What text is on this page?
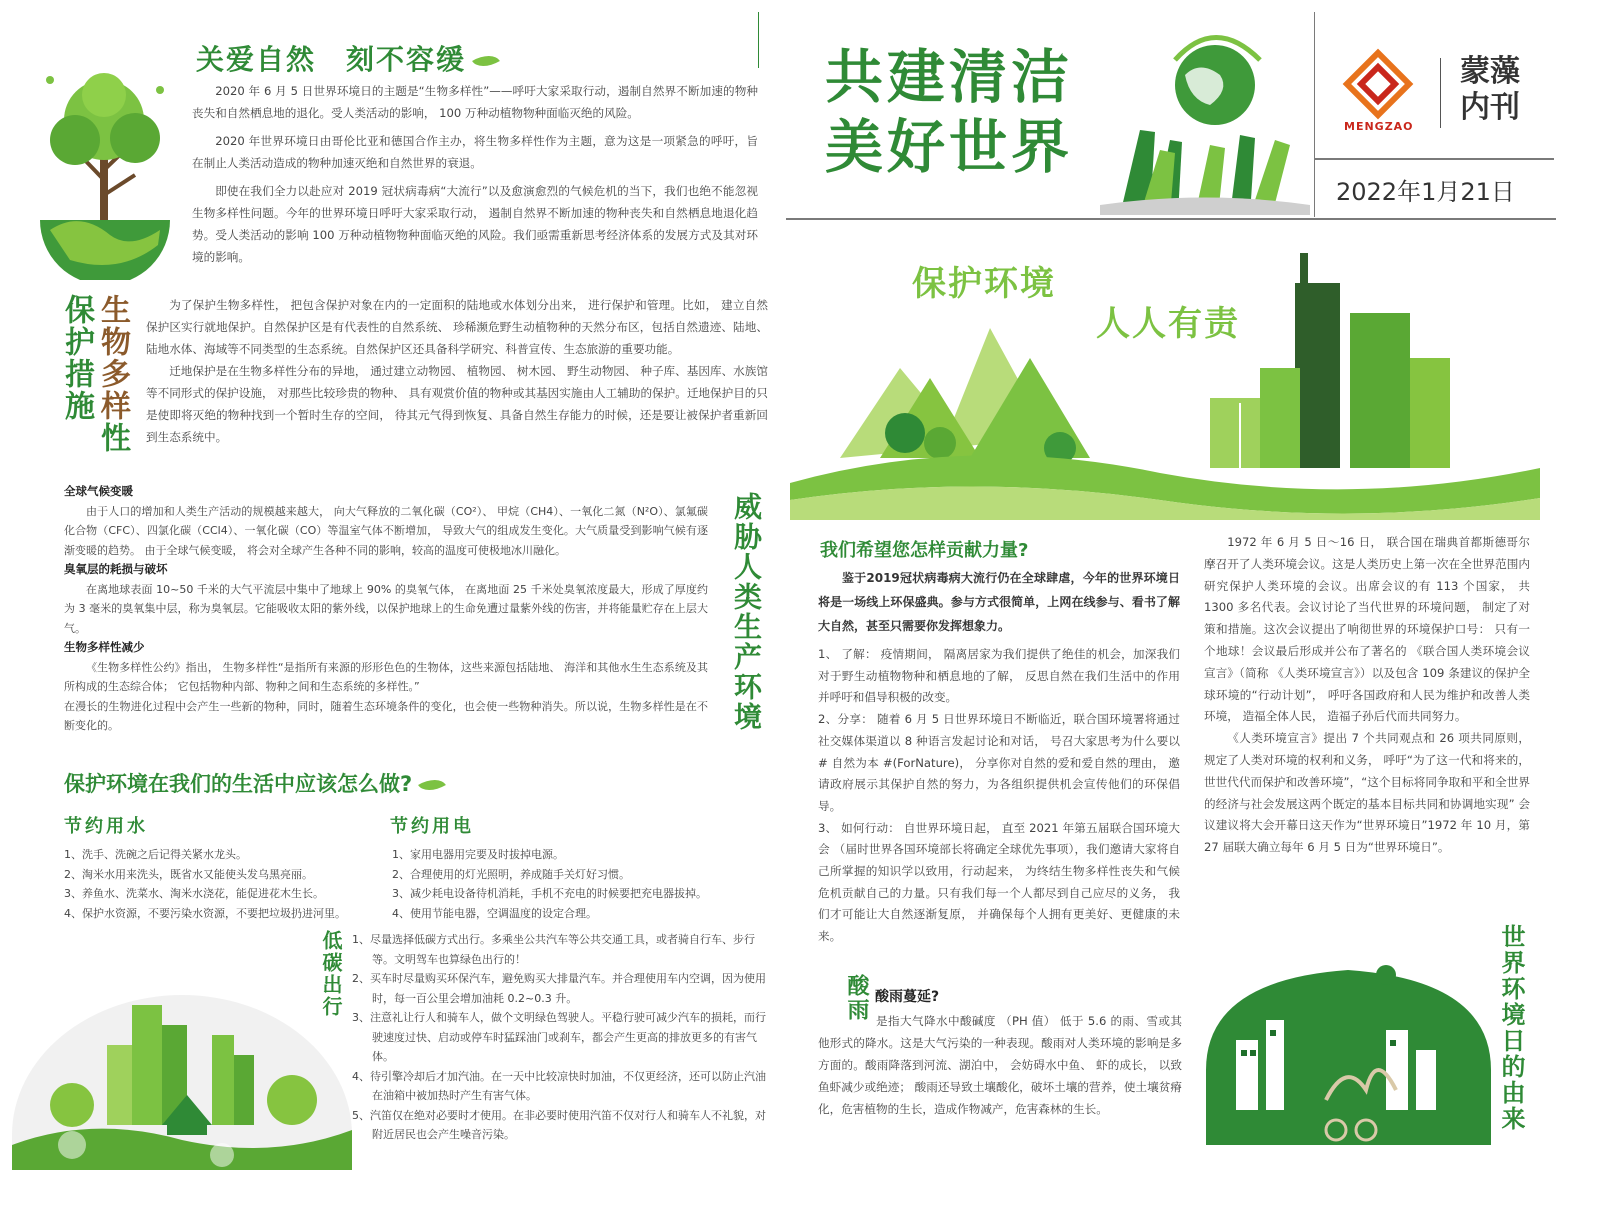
关爱自然　刻不容缓

2020 年 6 月 5 日世界环境日的主题是“生物多样性”——呼吁大家采取行动，遏制自然界不断加速的物种丧失和自然栖息地的退化。受人类活动的影响， 100 万种动植物物种面临灭绝的风险。

2020 年世界环境日由哥伦比亚和德国合作主办，将生物多样性作为主题，意为这是一项紧急的呼吁，旨在制止人类活动造成的物种加速灭绝和自然世界的衰退。

即使在我们全力以赴应对 2019 冠状病毒病“大流行”以及愈演愈烈的气候危机的当下，我们也绝不能忽视生物多样性问题。今年的世界环境日呼吁大家采取行动， 遏制自然界不断加速的物种丧失和自然栖息地退化趋势。受人类活动的影响 100 万种动植物物种面临灭绝的风险。我们亟需重新思考经济体系的发展方式及其对环境的影响。

生物多样性保护措施	为了保护生物多样性， 把包含保护对象在内的一定面积的陆地或水体划分出来， 进行保护和管理。比如， 建立自然保护区实行就地保护。自然保护区是有代表性的自然系统、 珍稀濒危野生动植物种的天然分布区，包括自然遗迹、陆地、陆地水体、海域等不同类型的生态系统。自然保护区还具备科学研究、科普宣传、生态旅游的重要功能。

迁地保护是在生物多样性分布的异地， 通过建立动物园、 植物园、 树木园、 野生动物园、 种子库、基因库、水族馆等不同形式的保护设施， 对那些比较珍贵的物种、 具有观赏价值的物种或其基因实施由人工辅助的保护。迁地保护目的只是使即将灭绝的物种找到一个暂时生存的空间， 待其元气得到恢复、具备自然生存能力的时候，还是要让被保护者重新回到生态系统中。

全球气候变暖

由于人口的增加和人类生产活动的规模越来越大， 向大气释放的二氧化碳（CO²）、 甲烷（CH4）、一氧化二氮（N²O）、氯氟碳化合物（CFC）、四氯化碳（CCl4）、一氧化碳（CO）等温室气体不断增加， 导致大气的组成发生变化。大气质量受到影响气候有逐渐变暖的趋势。 由于全球气候变暖， 将会对全球产生各种不同的影响，较高的温度可使极地冰川融化。

臭氧层的耗损与破坏

在离地球表面 10~50 千米的大气平流层中集中了地球上 90% 的臭氧气体， 在离地面 25 千米处臭氧浓度最大，形成了厚度约为 3 毫米的臭氧集中层，称为臭氧层。它能吸收太阳的紫外线，以保护地球上的生命免遭过量紫外线的伤害，并将能量贮存在上层大气。

生物多样性减少

《生物多样性公约》指出， 生物多样性“是指所有来源的形形色色的生物体，这些来源包括陆地、 海洋和其他水生生态系统及其所构成的生态综合体； 它包括物种内部、物种之间和生态系统的多样性。”

在漫长的生物进化过程中会产生一些新的物种，同时，随着生态环境条件的变化，也会使一些物种消失。所以说，生物多样性是在不断变化的。	威胁人类生产环境
保护环境在我们的生活中应该怎么做?
节约用水
1、洗手、洗碗之后记得关紧水龙头。
2、淘米水用来洗头，既省水又能使头发乌黑亮丽。
3、养鱼水、洗菜水、淘米水浇花，能促进花木生长。
4、保护水资源，不要污染水资源，不要把垃圾扔进河里。
节约用电
1、家用电器用完要及时拔掉电源。
2、合理使用的灯光照明，养成随手关灯好习惯。
3、减少耗电设备待机消耗，手机不充电的时候要把充电器拔掉。
4、使用节能电器，空调温度的设定合理。
低碳出行 1、尽量选择低碳方式出行。多乘坐公共汽车等公共交通工具，或者骑自行车、步行等。文明驾车也算绿色出行的！
2、买车时尽量购买环保汽车，避免购买大排量汽车。并合理使用车内空调，因为使用时，每一百公里会增加油耗 0.2~0.3 升。
3、注意礼让行人和骑车人，做个文明绿色驾驶人。平稳行驶可减少汽车的损耗，而行驶速度过快、启动或停车时猛踩油门或刹车，都会产生更高的排放更多的有害气体。
4、待引擎冷却后才加汽油。在一天中比较凉快时加油，不仅更经济，还可以防止汽油在油箱中被加热时产生有害气体。
5、汽笛仅在绝对必要时才使用。在非必要时使用汽笛不仅对行人和骑车人不礼貌，对附近居民也会产生噪音污染。
共建清洁
美好世界	MENGZAO
蒙藻
内刊
2022年1月21日
保护环境
人人有责
我们希望您怎样贡献力量?

鉴于2019冠状病毒病大流行仍在全球肆虐，今年的世界环境日将是一场线上环保盛典。参与方式很简单，上网在线参与、看书了解大自然，甚至只需要你发挥想象力。

1、 了解： 疫情期间， 隔离居家为我们提供了绝佳的机会，加深我们对于野生动植物物种和栖息地的了解， 反思自然在我们生活中的作用并呼吁和倡导积极的改变。

2、分享： 随着 6 月 5 日世界环境日不断临近，联合国环境署将通过社交媒体渠道以 8 种语言发起讨论和对话， 号召大家思考为什么要以 # 自然为本 #(ForNature)， 分享你对自然的爱和爱自然的理由， 邀请政府展示其保护自然的努力，为各组织提供机会宣传他们的环保倡导。

3、 如何行动： 自世界环境日起， 直至 2021 年第五届联合国环境大会 （届时世界各国环境部长将确定全球优先事项），我们邀请大家将自己所掌握的知识学以致用，行动起来， 为终结生物多样性丧失和气候危机贡献自己的力量。只有我们每一个人都尽到自己应尽的义务， 我们才可能让大自然逐渐复原， 并确保每个人拥有更美好、更健康的未来。

酸雨 酸雨蔓延?
是指大气降水中酸碱度 （PH 值） 低于 5.6 的雨、雪或其他形式的降水。这是大气污染的一种表现。酸雨对人类环境的影响是多方面的。酸雨降落到河流、湖泊中， 会妨碍水中鱼、 虾的成长， 以致鱼虾减少或绝迹； 酸雨还导致土壤酸化，破坏土壤的营养，使土壤贫瘠化，危害植物的生长，造成作物减产，危害森林的生长。

1972 年 6 月 5 日～16 日， 联合国在瑞典首都斯德哥尔摩召开了人类环境会议。这是人类历史上第一次在全世界范围内研究保护人类环境的会议。出席会议的有 113 个国家， 共 1300 多名代表。会议讨论了当代世界的环境问题， 制定了对策和措施。这次会议提出了响彻世界的环境保护口号： 只有一个地球！会议最后形成并公布了著名的 《联合国人类环境会议宣言》（简称 《人类环境宣言》）以及包含 109 条建议的保护全球环境的“行动计划”， 呼吁各国政府和人民为维护和改善人类环境， 造福全体人民， 造福子孙后代而共同努力。

《人类环境宣言》提出 7 个共同观点和 26 项共同原则， 规定了人类对环境的权利和义务， 呼吁“为了这一代和将来的，世世代代而保护和改善环境”，“这个目标将同争取和平和全世界的经济与社会发展这两个既定的基本目标共同和协调地实现” 会议建议将大会开幕日这天作为“世界环境日”1972 年 10 月，第 27 届联大确立每年 6 月 5 日为“世界环境日”。

世界环境日的由来
